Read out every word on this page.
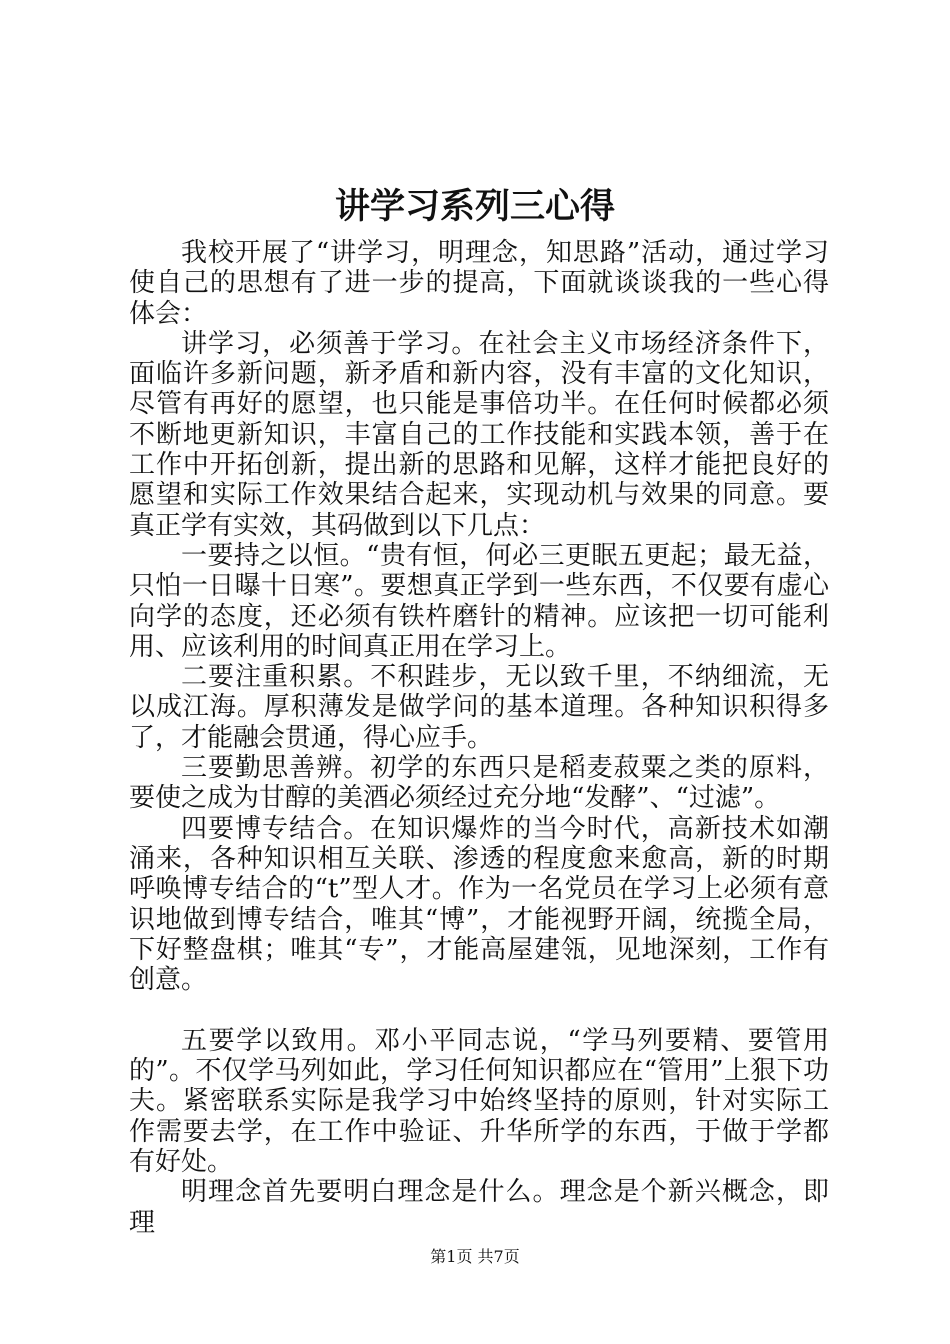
讲学习系列三心得

我校开展了“讲学习，明理念，知思路”活动，通过学习使自己的思想有了进一步的提高，下面就谈谈我的一些心得体会：

讲学习，必须善于学习。在社会主义市场经济条件下，面临许多新问题，新矛盾和新内容，没有丰富的文化知识，尽管有再好的愿望，也只能是事倍功半。在任何时候都必须不断地更新知识，丰富自己的工作技能和实践本领，善于在工作中开拓创新，提出新的思路和见解，这样才能把良好的愿望和实际工作效果结合起来，实现动机与效果的同意。要真正学有实效，其码做到以下几点：

一要持之以恒。“贵有恒，何必三更眠五更起；最无益，只怕一日曝十日寒”。要想真正学到一些东西，不仅要有虚心向学的态度，还必须有铁杵磨针的精神。应该把一切可能利用、应该利用的时间真正用在学习上。

二要注重积累。不积跬步，无以致千里，不纳细流，无以成江海。厚积薄发是做学问的基本道理。各种知识积得多了，才能融会贯通，得心应手。

三要勤思善辨。初学的东西只是稻麦菽粟之类的原料，要使之成为甘醇的美酒必须经过充分地“发酵”、“过滤”。

四要博专结合。在知识爆炸的当今时代，高新技术如潮涌来，各种知识相互关联、渗透的程度愈来愈高，新的时期呼唤博专结合的“t”型人才。作为一名党员在学习上必须有意识地做到博专结合，唯其“博”，才能视野开阔，统揽全局，下好整盘棋；唯其“专”，才能高屋建瓴，见地深刻，工作有创意。

五要学以致用。邓小平同志说，“学马列要精、要管用的”。不仅学马列如此，学习任何知识都应在“管用”上狠下功夫。紧密联系实际是我学习中始终坚持的原则，针对实际工作需要去学，在工作中验证、升华所学的东西，于做于学都有好处。

明理念首先要明白理念是什么。理念是个新兴概念，即理

第1页 共7页
